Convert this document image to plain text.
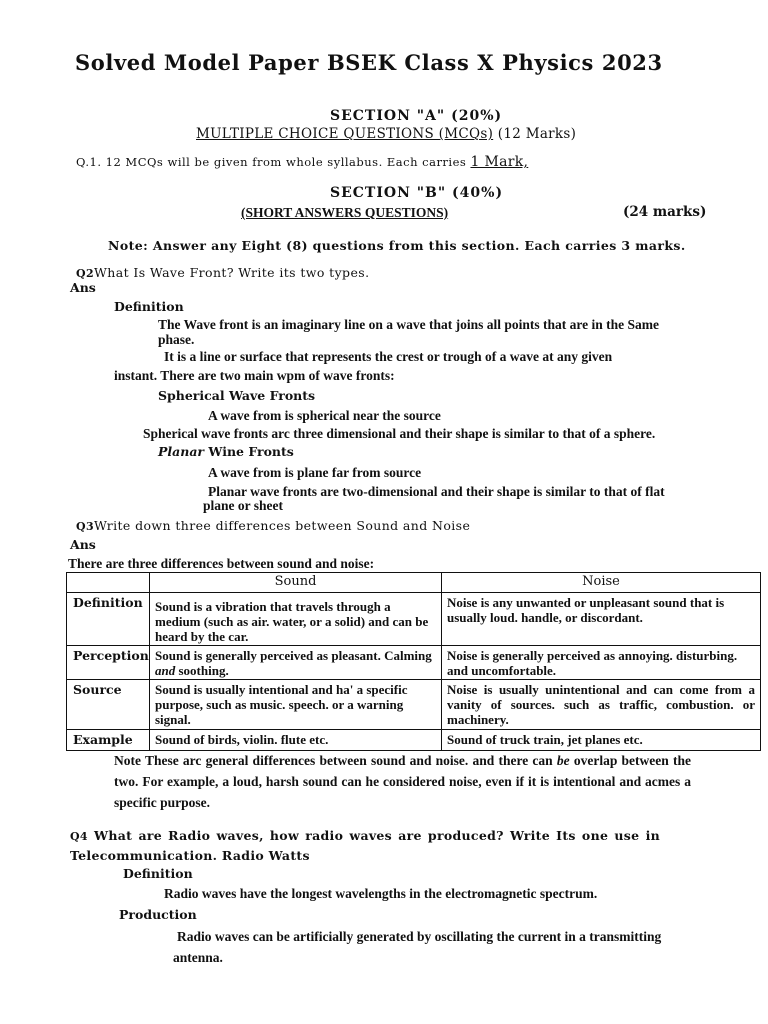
Solved Model Paper BSEK Class X Physics 2023
SECTION "A" (20%)
MULTIPLE CHOICE QUESTIONS (MCQs) (12 Marks)
Q.1. 12 MCQs will be given from whole syllabus. Each carries 1 Mark,
SECTION "B" (40%)
(SHORT ANSWERS QUESTIONS)	(24 marks)
Note: Answer any Eight (8) questions from this section. Each carries 3 marks.
Q2What Is Wave Front? Write its two types.
Ans
Definition
The Wave front is an imaginary line on a wave that joins all points that are in the Same
phase.
It is a line or surface that represents the crest or trough of a wave at any given
instant. There are two main wpm of wave fronts:
Spherical Wave Fronts
A wave from is spherical near the source
Spherical wave fronts arc three dimensional and their shape is similar to that of a sphere.
Planar Wine Fronts
A wave from is plane far from source
Planar wave fronts are two-dimensional and their shape is similar to that of flat
plane or sheet
Q3Write down three differences between Sound and Noise
Ans
There are three differences between sound and noise:
	Sound	Noise
Definition	Sound is a vibration that travels through a medium (such as air. water, or a solid) and can be heard by the car.	Noise is any unwanted or unpleasant sound that is usually loud. handle, or discordant.
Perception	Sound is generally perceived as pleasant. Calming and soothing.	Noise is generally perceived as annoying. disturbing. and uncomfortable.
Source	Sound is usually intentional and ha' a specific purpose, such as music. speech. or a warning signal.	Noise is usually unintentional and can come from a vanity of sources. such as traffic, combustion. or machinery.
Example	Sound of birds, violin. flute etc.	Sound of truck train, jet planes etc.
Note These arc general differences between sound and noise. and there can be overlap between the two. For example, a loud, harsh sound can he considered noise, even if it is intentional and acmes a specific purpose.
Q4 What are Radio waves, how radio waves are produced? Write Its one use in Telecommunication. Radio Watts
Definition
Radio waves have the longest wavelengths in the electromagnetic spectrum.
Production
Radio waves can be artificially generated by oscillating the current in a transmitting
antenna.
